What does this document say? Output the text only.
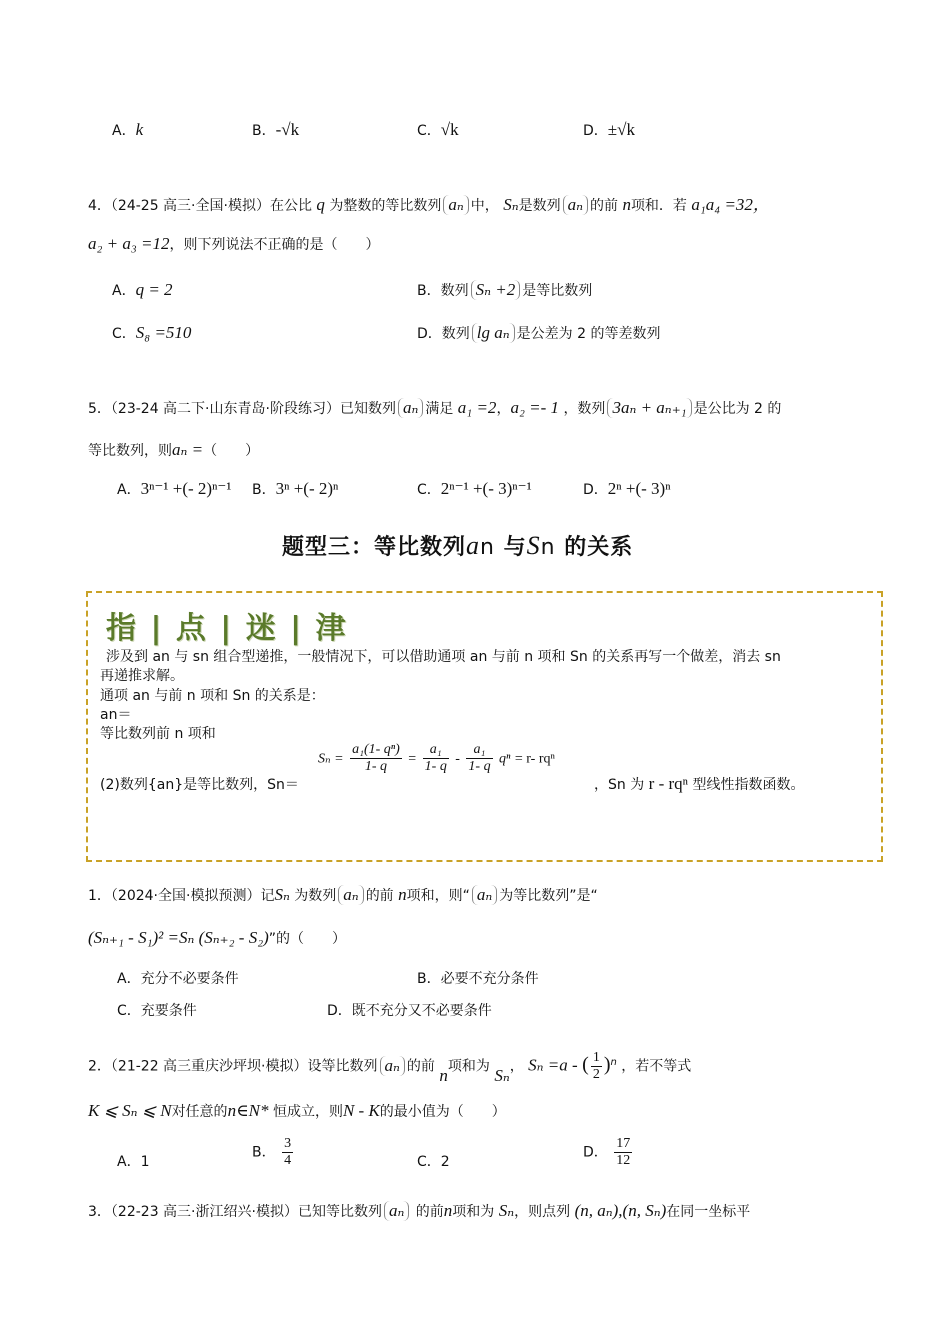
A．k	B．-√k	C．√k	D．±√k
4．（24-25 高三·全国·模拟）在公比 q 为整数的等比数列 aₙ 中， Sₙ是数列 aₙ 的前 n项和．若 a₁a₄ =32，
a₂ + a₃ =12，则下列说法不正确的是（　　）
A．q = 2	B．数列 Sₙ +2 是等比数列
C．S₈ =510	D．数列 lg aₙ 是公差为 2 的等差数列
5．（23-24 高二下·山东青岛·阶段练习）已知数列 aₙ 满足 a₁ =2，a₂ =- 1 ，数列 3aₙ + aₙ₊₁ 是公比为 2 的
等比数列，则aₙ =（　　）
A．3ⁿ⁻¹ +(- 2)ⁿ⁻¹ B．3ⁿ +(- 2)ⁿ	C．2ⁿ⁻¹ +(- 3)ⁿ⁻¹	D．2ⁿ +(- 3)ⁿ
题型三：等比数列an 与Sn 的关系
指 | 点 | 迷 | 津
涉及到 an 与 sn 组合型递推，一般情况下，可以借助通项 an 与前 n 项和 Sn 的关系再写一个做差，消去 sn
再递推求解。
通项 an 与前 n 项和 Sn 的关系是：
an＝
等比数列前 n 项和
(2)数列{an}是等比数列，Sn＝
$S_n = \frac{\text{a₁(1- qⁿ)}}{1- q} = \frac{\text{a₁}}{1- q} - \frac{\text{a₁}}{1- q}$ qⁿ = r- rqⁿ
，Sn 为 r - rqⁿ 型线性指数函数。
1．（2024·全国·模拟预测）记Sₙ 为数列 aₙ 的前 n项和，则“ aₙ 为等比数列”是“
(Sₙ₊₁ - S₁)² =Sₙ (Sₙ₊₂ - S₂)”的（　　）
A．充分不必要条件	B．必要不充分条件
C．充要条件	D．既不充分又不必要条件
2．（21-22 高三重庆沙坪坝·模拟）设等比数列 aₙ 的前 n项和为 Sₙ， Sₙ =a - ( $\frac{1}{2} )^n$ ，若不等式
K ⩽ Sₙ ⩽ N对任意的n∈N* 恒成立，则N - K的最小值为（　　）
A．1
B． $\frac{3}{4}$	C．2
D． $\frac{17}{12}$
3．（22-23 高三·浙江绍兴·模拟）已知等比数列 aₙ 的前n项和为 Sₙ，则点列 (n, aₙ),(n, Sₙ)在同一坐标平
